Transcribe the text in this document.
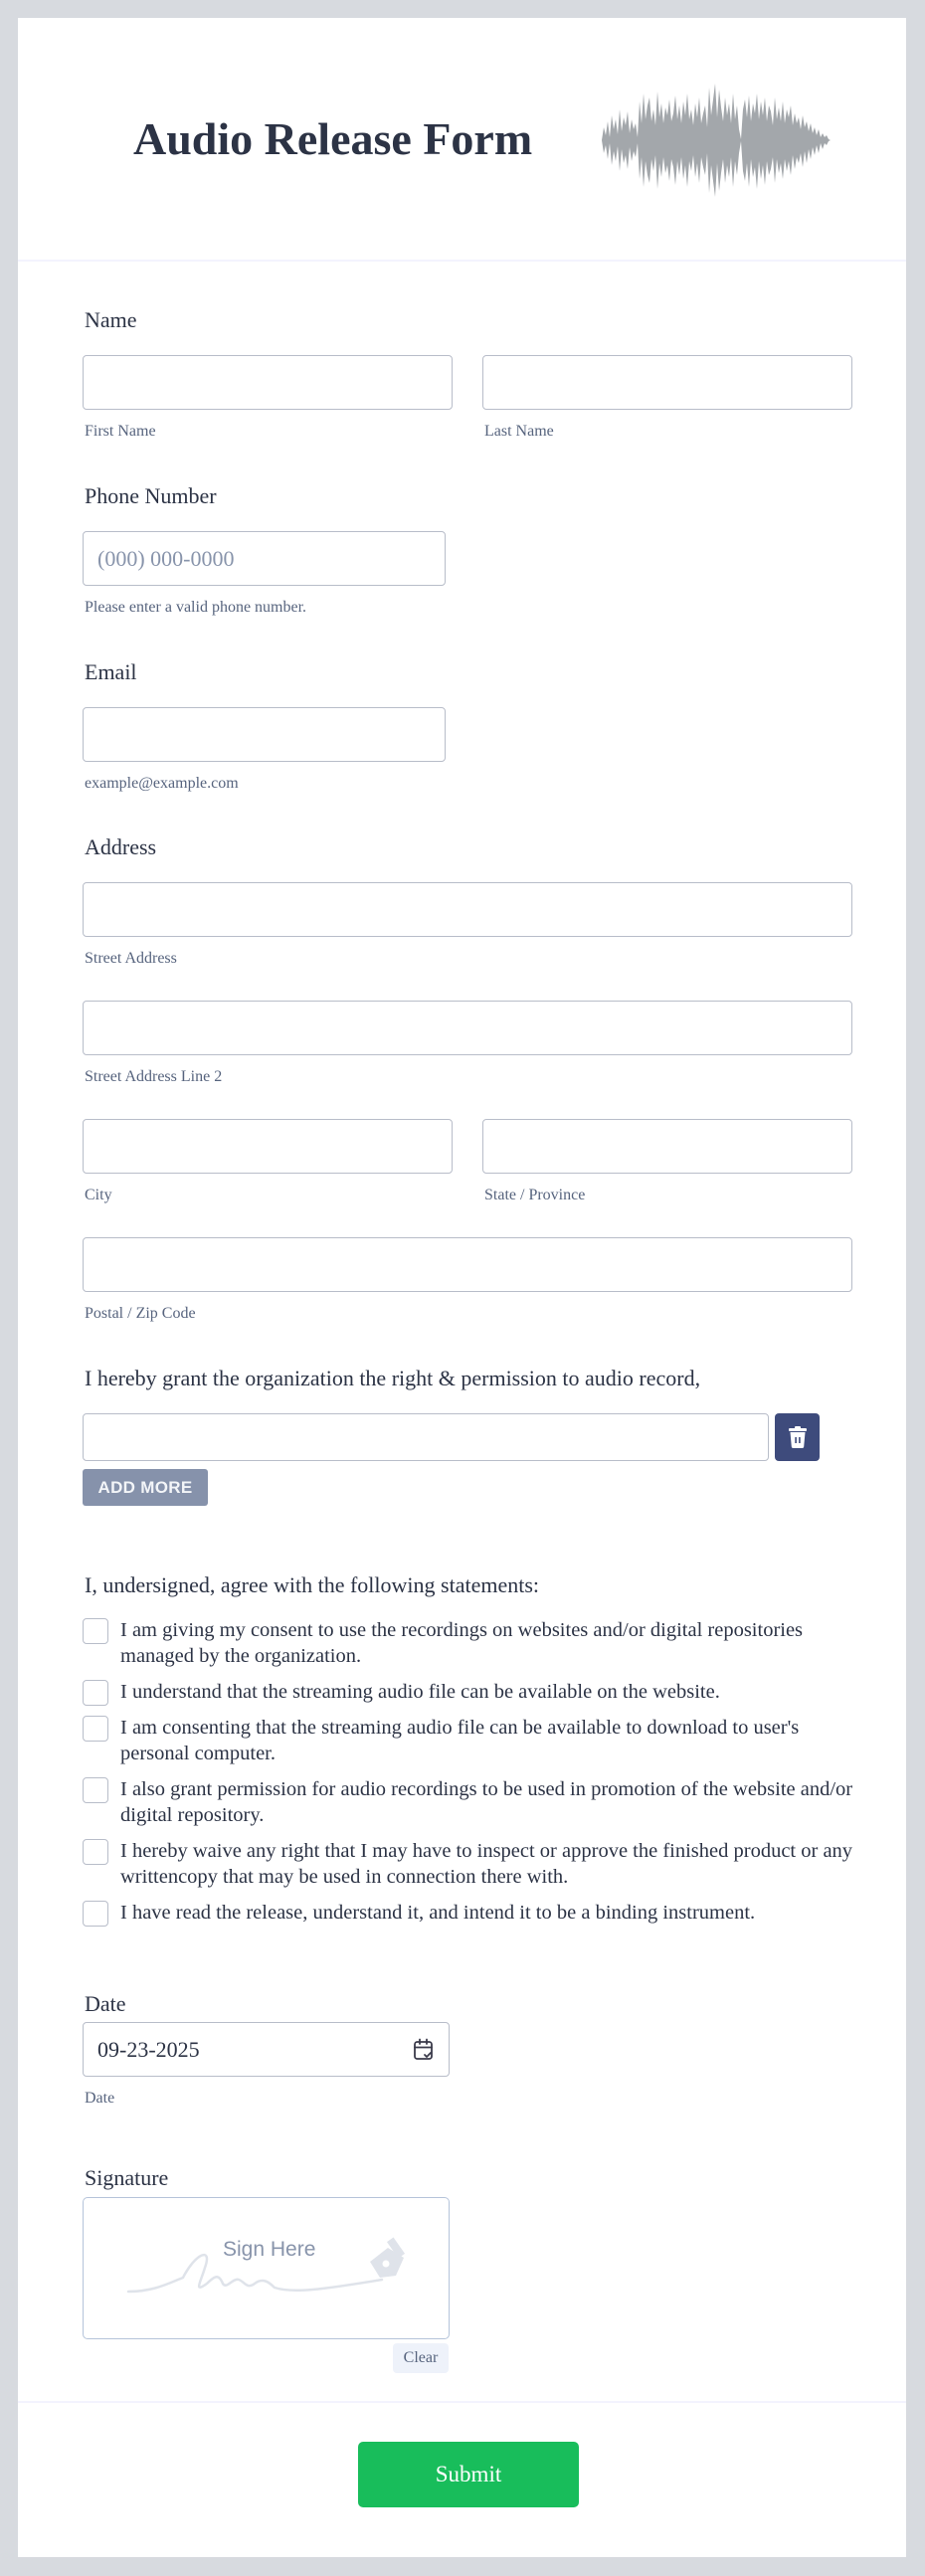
Audio Release Form
Name
First Name	Last Name
Phone Number
(000) 000-0000
Please enter a valid phone number.
Email
example@example.com
Address
Street Address
Street Address Line 2
City	State / Province
Postal / Zip Code
I hereby grant the organization the right & permission to audio record,
ADD MORE
I, undersigned, agree with the following statements:
I am giving my consent to use the recordings on websites and/or digital repositories managed by the organization.
I understand that the streaming audio file can be available on the website.
I am consenting that the streaming audio file can be available to download to user's personal computer.
I also grant permission for audio recordings to be used in promotion of the website and/or digital repository.
I hereby waive any right that I may have to inspect or approve the finished product or any writtencopy that may be used in connection there with.
I have read the release, understand it, and intend it to be a binding instrument.
Date
09-23-2025
Date
Signature
Sign Here
Clear
Submit
